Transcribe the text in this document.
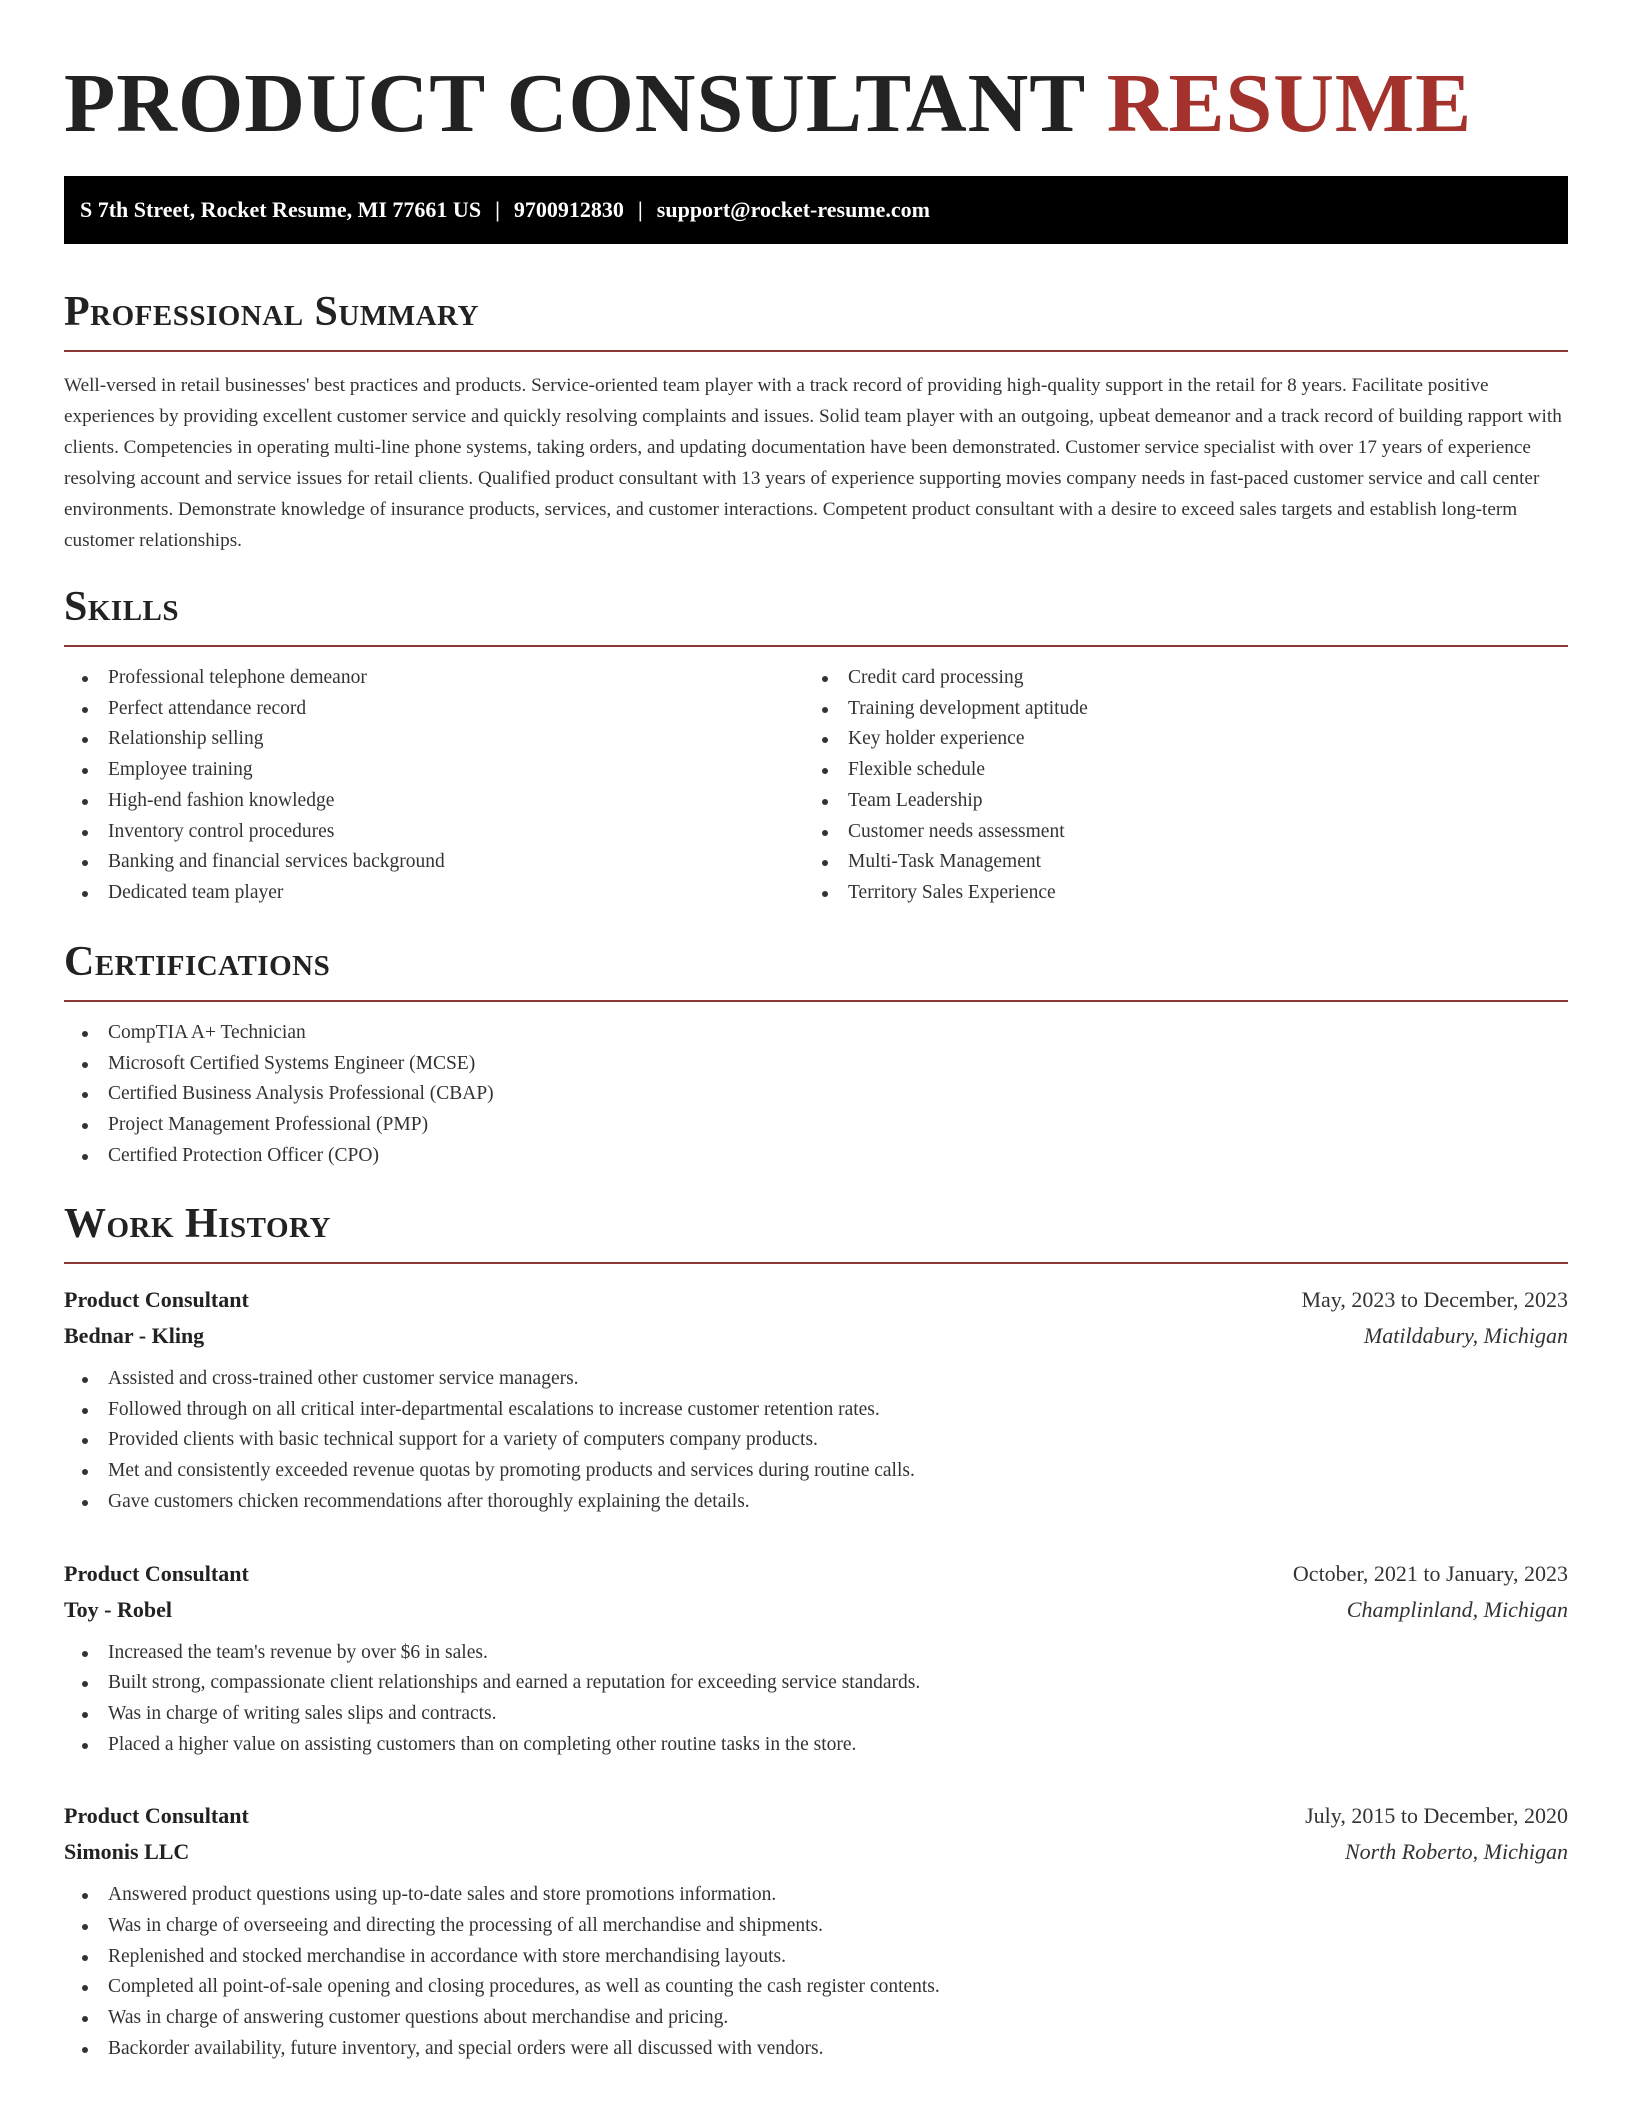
PRODUCT CONSULTANT RESUME
S 7th Street, Rocket Resume, MI 77661 US | 9700912830 | support@rocket-resume.com
Professional Summary

Well-versed in retail businesses' best practices and products. Service-oriented team player with a track record of providing high-quality support in the retail for 8 years. Facilitate positive experiences by providing excellent customer service and quickly resolving complaints and issues. Solid team player with an outgoing, upbeat demeanor and a track record of building rapport with clients. Competencies in operating multi-line phone systems, taking orders, and updating documentation have been demonstrated. Customer service specialist with over 17 years of experience resolving account and service issues for retail clients. Qualified product consultant with 13 years of experience supporting movies company needs in fast-paced customer service and call center environments. Demonstrate knowledge of insurance products, services, and customer interactions. Competent product consultant with a desire to exceed sales targets and establish long-term customer relationships.

Skills
Professional telephone demeanor
Perfect attendance record
Relationship selling
Employee training
High-end fashion knowledge
Inventory control procedures
Banking and financial services background
Dedicated team player
Credit card processing
Training development aptitude
Key holder experience
Flexible schedule
Team Leadership
Customer needs assessment
Multi-Task Management
Territory Sales Experience
Certifications
CompTIA A+ Technician
Microsoft Certified Systems Engineer (MCSE)
Certified Business Analysis Professional (CBAP)
Project Management Professional (PMP)
Certified Protection Officer (CPO)
Work History
Product Consultant	May, 2023 to December, 2023
Bednar - Kling	Matildabury, Michigan
Assisted and cross-trained other customer service managers.
Followed through on all critical inter-departmental escalations to increase customer retention rates.
Provided clients with basic technical support for a variety of computers company products.
Met and consistently exceeded revenue quotas by promoting products and services during routine calls.
Gave customers chicken recommendations after thoroughly explaining the details.
Product Consultant	October, 2021 to January, 2023
Toy - Robel	Champlinland, Michigan
Increased the team's revenue by over $6 in sales.
Built strong, compassionate client relationships and earned a reputation for exceeding service standards.
Was in charge of writing sales slips and contracts.
Placed a higher value on assisting customers than on completing other routine tasks in the store.
Product Consultant	July, 2015 to December, 2020
Simonis LLC	North Roberto, Michigan
Answered product questions using up-to-date sales and store promotions information.
Was in charge of overseeing and directing the processing of all merchandise and shipments.
Replenished and stocked merchandise in accordance with store merchandising layouts.
Completed all point-of-sale opening and closing procedures, as well as counting the cash register contents.
Was in charge of answering customer questions about merchandise and pricing.
Backorder availability, future inventory, and special orders were all discussed with vendors.
